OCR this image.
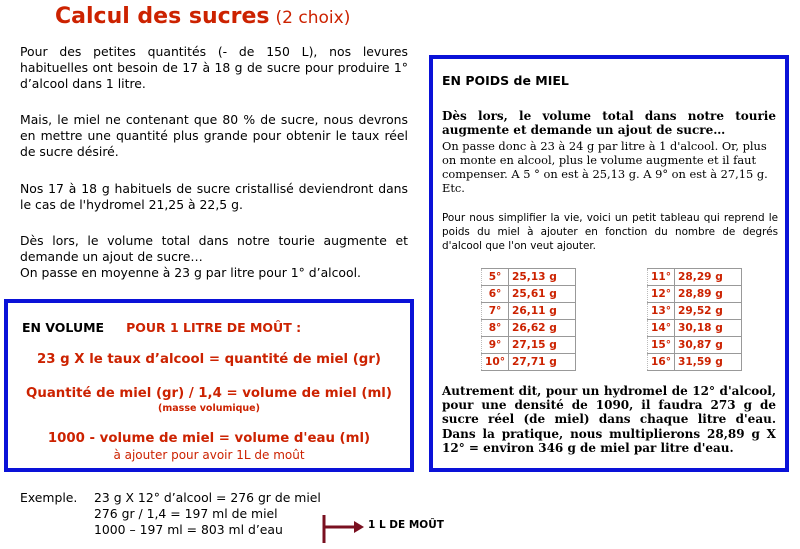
Calcul des sucres (2 choix)
Pour des petites quantités (- de 150 L), nos levures habituelles ont besoin de 17 à 18 g de sucre pour produire 1° d’alcool dans 1 litre.
Mais, le miel ne contenant que 80 % de sucre, nous devrons en mettre une quantité plus grande pour obtenir le taux réel de sucre désiré.
Nos 17 à 18 g habituels de sucre cristallisé deviendront dans le cas de l'hydromel 21,25 à 22,5 g.
Dès lors, le volume total dans notre tourie augmente et demande un ajout de sucre…
On passe en moyenne à 23 g par litre pour 1° d’alcool.
EN VOLUME POUR 1 LITRE DE MOÛT :
23 g X le taux d’alcool = quantité de miel (gr)
Quantité de miel (gr) / 1,4 = volume de miel (ml)
(masse volumique)
1000 - volume de miel = volume d'eau (ml)
à ajouter pour avoir 1L de moût
EN POIDS de MIEL
Dès lors, le volume total dans notre tourie augmente et demande un ajout de sucre…
On passe donc à 23 à 24 g par litre à 1 d'alcool. Or, plus on monte en alcool, plus le volume augmente et il faut compenser. A 5 ° on est à 25,13 g. A 9° on est à 27,15 g. Etc.
Pour nous simplifier la vie, voici un petit tableau qui reprend le poids du miel à ajouter en fonction du nombre de degrés d'alcool que l'on veut ajouter.
5°	25,13 g
6°	25,61 g
7°	26,11 g
8°	26,62 g
9°	27,15 g
10°	27,71 g
11°	28,29 g
12°	28,89 g
13°	29,52 g
14°	30,18 g
15°	30,87 g
16°	31,59 g
Autrement dit, pour un hydromel de 12° d'alcool, pour une densité de 1090, il faudra 273 g de sucre réel (de miel) dans chaque litre d'eau. Dans la pratique, nous multiplierons 28,89 g X 12° = environ 346 g de miel par litre d'eau.
Exemple. 23 g X 12° d’alcool = 276 gr de miel
276 gr / 1,4 = 197 ml de miel
1000 – 197 ml = 803 ml d’eau	1 L DE MOÛT
